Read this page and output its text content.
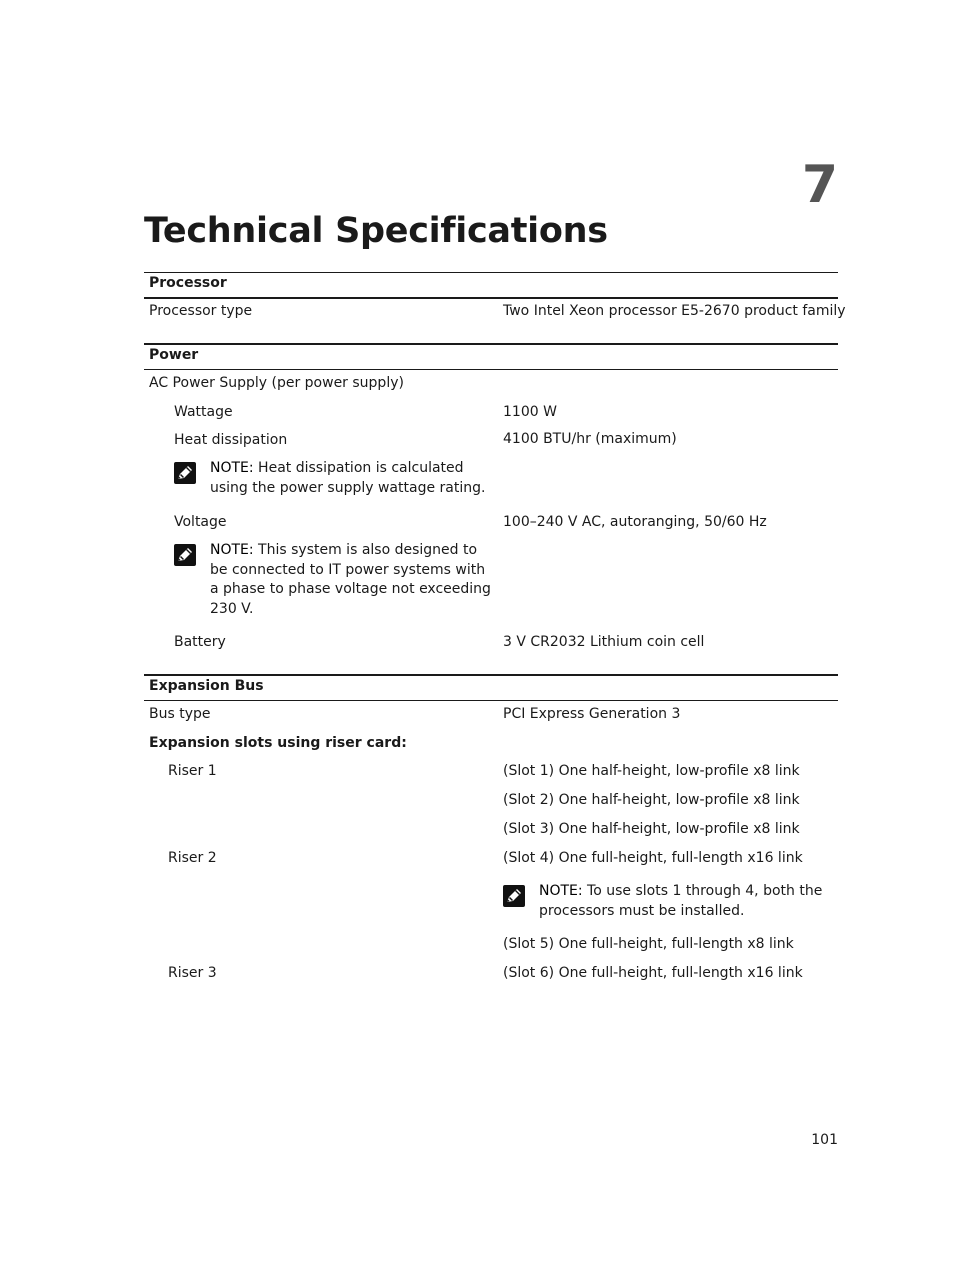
7
Technical Specifications
Processor
Processor type	Two Intel Xeon processor E5-2670 product family
Power
AC Power Supply (per power supply)
Wattage	1100 W
Heat dissipation	4100 BTU/hr (maximum)
NOTE: Heat dissipation is calculated using the power supply wattage rating.
Voltage	100–240 V AC, autoranging, 50/60 Hz
NOTE: This system is also designed to be connected to IT power systems with a phase to phase voltage not exceeding 230 V.
Battery	3 V CR2032 Lithium coin cell
Expansion Bus
Bus type	PCI Express Generation 3
Expansion slots using riser card:
Riser 1	(Slot 1) One half-height, low-profile x8 link
(Slot 2) One half-height, low-profile x8 link
(Slot 3) One half-height, low-profile x8 link
Riser 2	(Slot 4) One full-height, full-length x16 link
NOTE: To use slots 1 through 4, both the processors must be installed.
(Slot 5) One full-height, full-length x8 link
Riser 3	(Slot 6) One full-height, full-length x16 link
101
